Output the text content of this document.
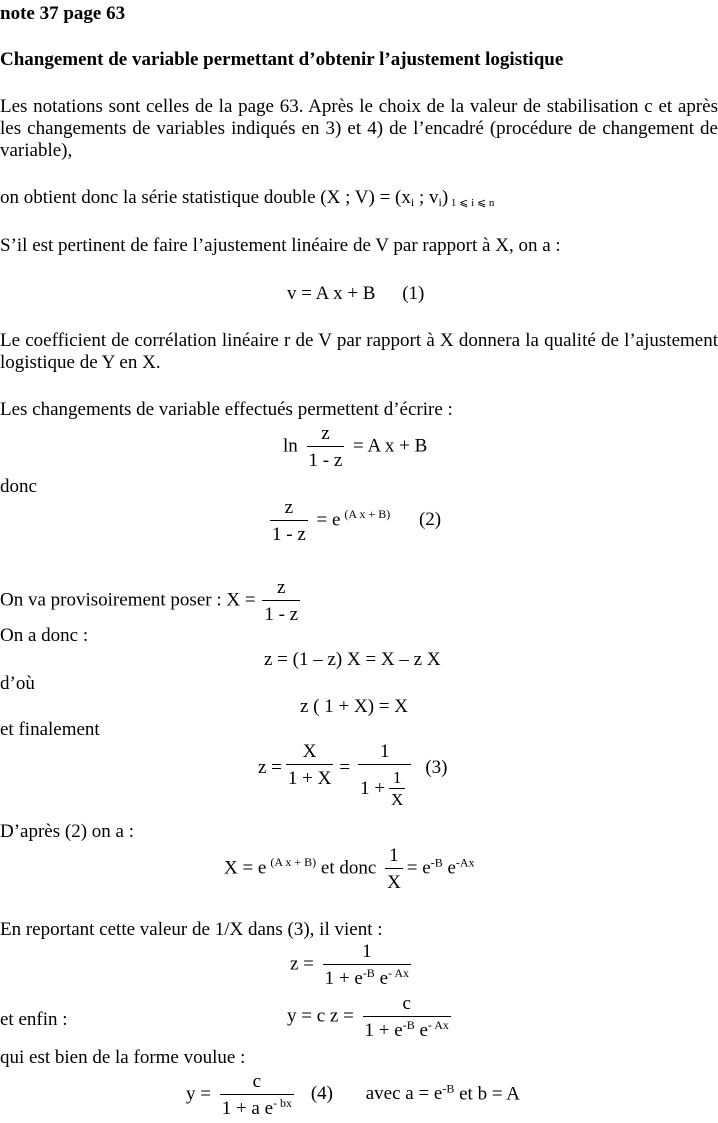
note 37 page 63
Changement de variable permettant d’obtenir l’ajustement logistique
Les notations sont celles de la page 63. Après le choix de la valeur de stabilisation c et après les changements de variables indiqués en 3) et 4) de l’encadré (procédure de changement de variable),
on obtient donc la série statistique double (X ; $V) = (x_i$ ; $v_i$) $_{1 ⩽ i ⩽ n}$
S’il est pertinent de faire l’ajustement linéaire de V par rapport à X, on a :
v = A x + B (1)
Le coefficient de corrélation linéaire r de V par rapport à X donnera la qualité de l’ajustement logistique de Y en X.
Les changements de variable effectués permettent d’écrire :
$\ln \frac{z}{1 - z} = A$ x + B
donc
$\frac{z}{1 - z} = e$ $^{(A x + B)}$ (2)
On va provisoirement poser : $X = \frac{z}{1 - z}$
On a donc :
z = (1 – z) X = X – z X
d’où
z ( 1 + X) = X
et finalement
$z = \frac{X}{1 + X} = \frac{1}{1 + \frac{1}{X}} (3)$
D’après (2) on a :
X = e $^{(A x + B)}$ et donc $\frac{1}{X} = e^{-B}$ $e^{-Ax}$
En reportant cette valeur de 1/X dans (3), il vient :
$z = \frac{1}{1 + e^{-B} e^{- Ax}}$
et enfin :	y = c $z = \frac{c}{1 + e^{-B} e^{- Ax}}$
qui est bien de la forme voulue :
$y = \frac{c}{1 + a e^{- bx}} (4)$ avec $a = e^{-B}$ et b = A
